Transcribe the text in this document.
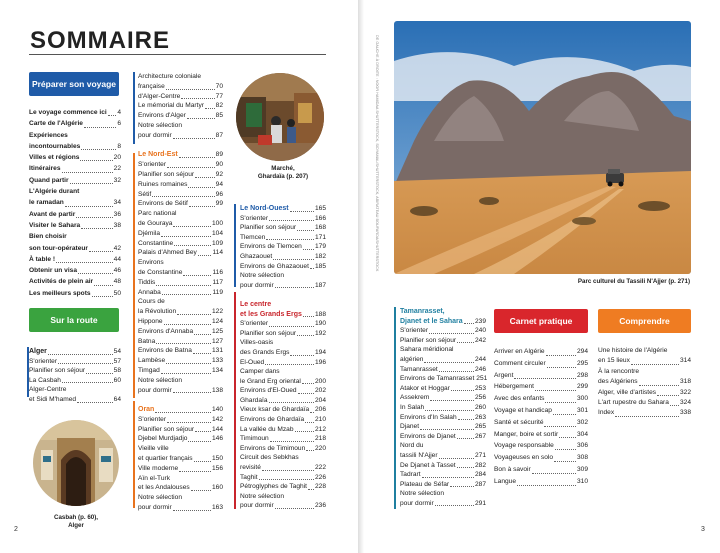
SOMMAIRE
Préparer son voyage
Le voyage commence ici 4
Carte de l'Algérie	6
Expériences
incontournables	8
Villes et régions	20
Itinéraires	22
Quand partir	32
L'Algérie durant
le ramadan	34
Avant de partir	36
Visiter le Sahara	38
Bien choisir
son tour-opérateur	42
À table !	44
Obtenir un visa	46
Activités de plein air	48
Les meilleurs spots	50
Sur la route
Alger	54
S'orienter	57
Planifier son séjour	58
La Casbah	60
Alger-Centre
et Sidi M'hamed	64
Architecture coloniale
française	70
d'Alger-Centre	77
Le mémorial du Martyr 82
Environs d'Alger	85
Notre sélection
pour dormir	87
Le Nord-Est	89
S'orienter	90
Planifier son séjour	92
Ruines romaines	94
Sétif	96
Environs de Sétif	99
Parc national
de Gouraya	100
Djémila	104
Constantine	109
Palais d'Ahmed Bey 114
Environs
de Constantine	116
Tiddis	117
Annaba	119
Cours de
la Révolution	122
Hippone	124
Environs d'Annaba	125
Batna	127
Environs de Batna	131
Lambèse	133
Timgad	134
Notre sélection
pour dormir	138
Oran	140
S'orienter	142
Planifier son séjour	144
Djebel Murdjadjo	146
Vieille ville
et quartier français	150
Ville moderne	156
Aïn el-Turk
et les Andalouses	160
Notre sélection
pour dormir	163
Le Nord-Ouest	165
S'orienter	166
Planifier son séjour	168
Tlemcen	171
Environs de Tlemcen 179
Ghazaouet	182
Environs de Ghazaouet 185
Notre sélection
pour dormir	187
Le centre
et les Grands Ergs 188
S'orienter	190
Planifier son séjour	192
Villes-oasis
des Grands Ergs	194
El-Oued	196
Camper dans
le Grand Erg oriental 200
Environs d'El-Oued	202
Ghardaïa	204
Vieux ksar de Ghardaïa 206
Environs de Ghardaïa 210
La vallée du Mzab	212
Timimoun	218
Environs de Timimoun 220
Circuit des Sebkhas
revisité	222
Taghit	226
Pétroglyphes de Taghit 228
Notre sélection
pour dormir	236
Marché,
Ghardaïa (p. 207)
Casbah (p. 60),
Alger
2
Parc culturel du Tassili N'Ajjer (p. 271)
DE GAUCHE À DROITE : NOOR HAMIDAA SHUTTERSTOCK, SIDYAMAL/SHUTTERSTOCK, ABIRATEAU BOUFARDA/SHUTTERSTOCK
Tamanrasset,
Djanet et le Sahara 239
S'orienter	240
Planifier son séjour	242
Sahara méridional
algérien	244
Tamanrasset	246
Environs de Tamanrasset 251
Atakor et Hoggar	253
Assekrem	256
In Salah	260
Environs d'In Salah	263
Djanet	265
Environs de Djanet	267
Nord du
tassili N'Ajjer	271
De Djanet à Tasset	282
Tadrart	284
Plateau de Séfar	287
Notre sélection
pour dormir	291
Carnet pratique
Arriver en Algérie	294
Comment circuler	295
Argent	298
Hébergement	299
Avec des enfants	300
Voyage et handicap	301
Santé et sécurité	302
Manger, boire et sortir	304
Voyage responsable	306
Voyageuses en solo	308
Bon à savoir	309
Langue	310
Comprendre
Une histoire de l'Algérie
en 15 lieux	314
À la rencontre
des Algériens	318
Alger, ville d'artistes	322
L'art rupestre du Sahara 324
Index	338
3
